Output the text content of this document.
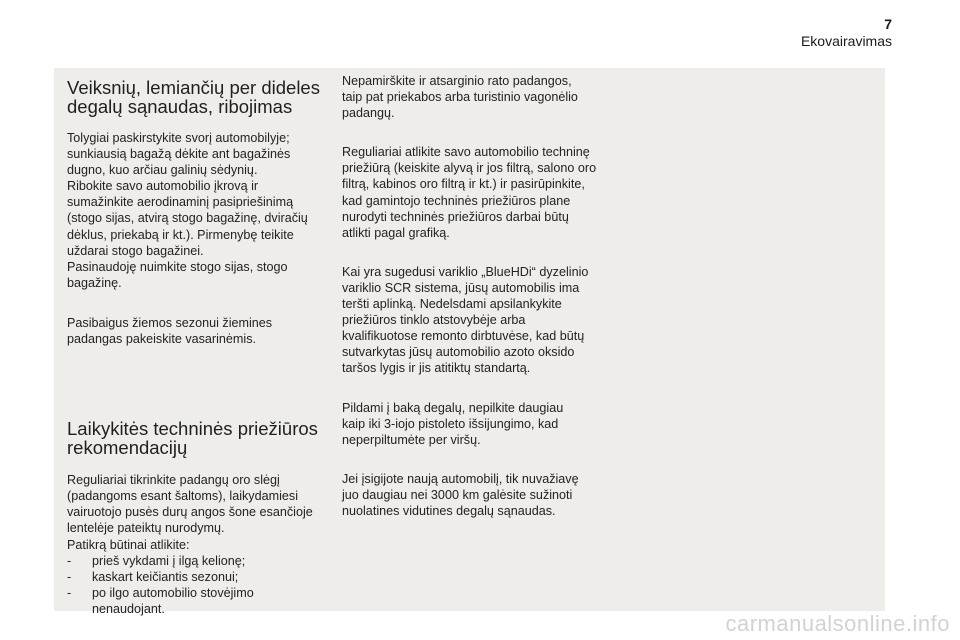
7
Ekovairavimas
Veiksnių, lemiančių per dideles
degalų sąnaudas, ribojimas

Tolygiai paskirstykite svorį automobilyje;
sunkiausią bagažą dėkite ant bagažinės
dugno, kuo arčiau galinių sėdynių.
Ribokite savo automobilio įkrovą ir
sumažinkite aerodinaminį pasipriešinimą
(stogo sijas, atvirą stogo bagažinę, dviračių
dėklus, priekabą ir kt.). Pirmenybę teikite
uždarai stogo bagažinei.
Pasinaudoję nuimkite stogo sijas, stogo
bagažinę.

Pasibaigus žiemos sezonui žiemines
padangas pakeiskite vasarinėmis.

Laikykitės techninės priežiūros
rekomendacijų

Reguliariai tikrinkite padangų oro slėgį
(padangoms esant šaltoms), laikydamiesi
vairuotojo pusės durų angos šone esančioje
lentelėje pateiktų nurodymų.
Patikrą būtinai atlikite:

- prieš vykdami į ilgą kelionę;
- kaskart keičiantis sezonui;
- po ilgo automobilio stovėjimo
nenaudojant.

Nepamirškite ir atsarginio rato padangos,
taip pat priekabos arba turistinio vagonėlio
padangų.

Reguliariai atlikite savo automobilio techninę
priežiūrą (keiskite alyvą ir jos filtrą, salono oro
filtrą, kabinos oro filtrą ir kt.) ir pasirūpinkite,
kad gamintojo techninės priežiūros plane
nurodyti techninės priežiūros darbai būtų
atlikti pagal grafiką.

Kai yra sugedusi variklio „BlueHDi“ dyzelinio
variklio SCR sistema, jūsų automobilis ima
teršti aplinką. Nedelsdami apsilankykite
priežiūros tinklo atstovybėje arba
kvalifikuotose remonto dirbtuvėse, kad būtų
sutvarkytas jūsų automobilio azoto oksido
taršos lygis ir jis atitiktų standartą.

Pildami į baką degalų, nepilkite daugiau
kaip iki 3-iojo pistoleto išsijungimo, kad
neperpiltumėte per viršų.

Jei įsigijote naują automobilį, tik nuvažiavę
juo daugiau nei 3000 km galėsite sužinoti
nuolatines vidutines degalų sąnaudas.

carmanualsonline.info
